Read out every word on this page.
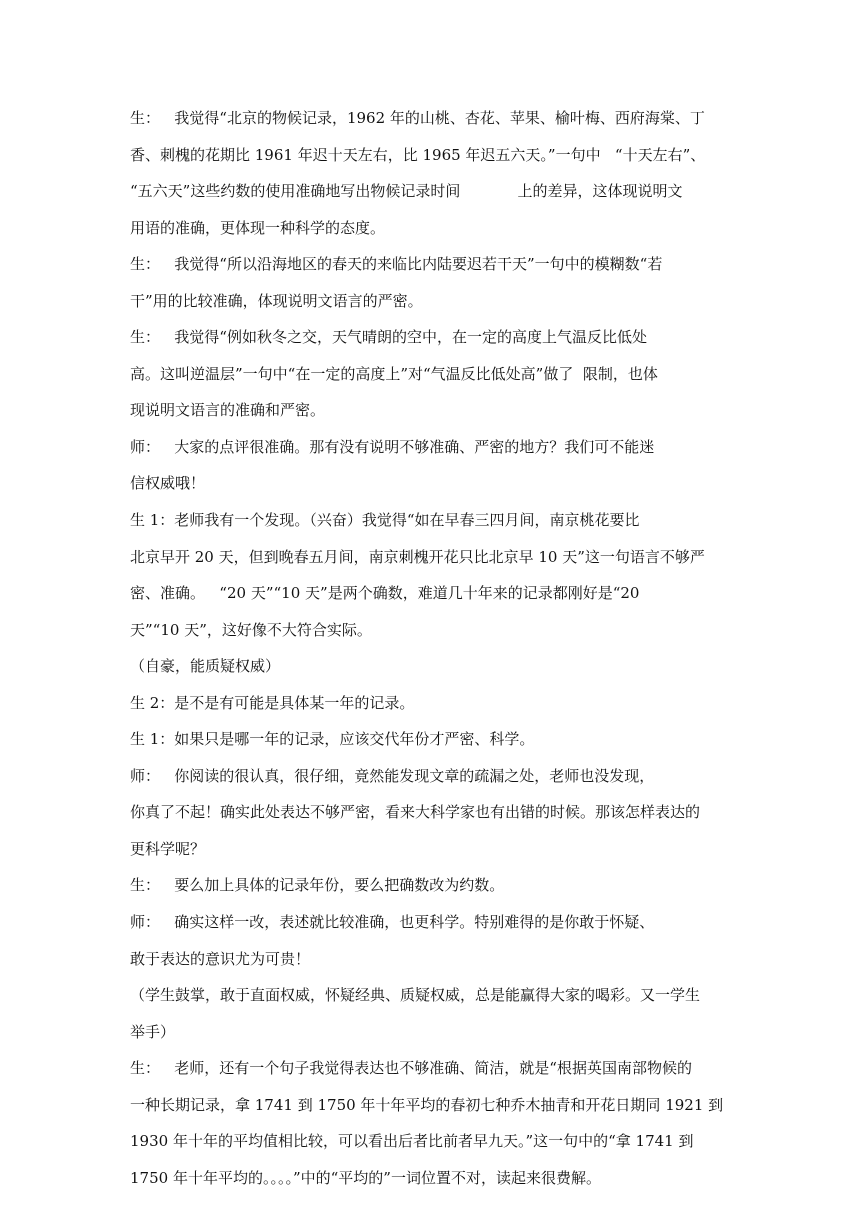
生：   我觉得“北京的物候记录，1962 年的山桃、杏花、苹果、榆叶梅、西府海棠、丁
香、刺槐的花期比 1961 年迟十天左右，比 1965 年迟五六天。”一句中   “十天左右”、
“五六天”这些约数的使用准确地写出物候记录时间            上的差异，这体现说明文
用语的准确，更体现一种科学的态度。
生：   我觉得“所以沿海地区的春天的来临比内陆要迟若干天”一句中的模糊数“若
干”用的比较准确，体现说明文语言的严密。
生：   我觉得“例如秋冬之交，天气晴朗的空中，在一定的高度上气温反比低处
高。这叫逆温层”一句中“在一定的高度上”对“气温反比低处高”做了  限制，也体
现说明文语言的准确和严密。
师：   大家的点评很准确。那有没有说明不够准确、严密的地方？我们可不能迷
信权威哦！
生 1：老师我有一个发现。（兴奋）我觉得“如在早春三四月间，南京桃花要比
北京早开 20 天，但到晚春五月间，南京刺槐开花只比北京早 10 天”这一句语言不够严
密、准确。   “20 天”“10 天”是两个确数，难道几十年来的记录都刚好是“20
天”“10 天”，这好像不大符合实际。
（自豪，能质疑权威）
生 2：是不是有可能是具体某一年的记录。
生 1：如果只是哪一年的记录，应该交代年份才严密、科学。
师：   你阅读的很认真，很仔细，竟然能发现文章的疏漏之处，老师也没发现，
你真了不起！确实此处表达不够严密，看来大科学家也有出错的时候。那该怎样表达的
更科学呢？
生：   要么加上具体的记录年份，要么把确数改为约数。
师：   确实这样一改，表述就比较准确，也更科学。特别难得的是你敢于怀疑、
敢于表达的意识尤为可贵！
（学生鼓掌，敢于直面权威，怀疑经典、质疑权威，总是能赢得大家的喝彩。又一学生
举手）
生：   老师，还有一个句子我觉得表达也不够准确、简洁，就是“根据英国南部物候的
一种长期记录，拿 1741 到 1750 年十年平均的春初七种乔木抽青和开花日期同 1921 到
1930 年十年的平均值相比较，可以看出后者比前者早九天。”这一句中的“拿 1741 到
1750 年十年平均的。。。。”中的“平均的”一词位置不对，读起来很费解。
